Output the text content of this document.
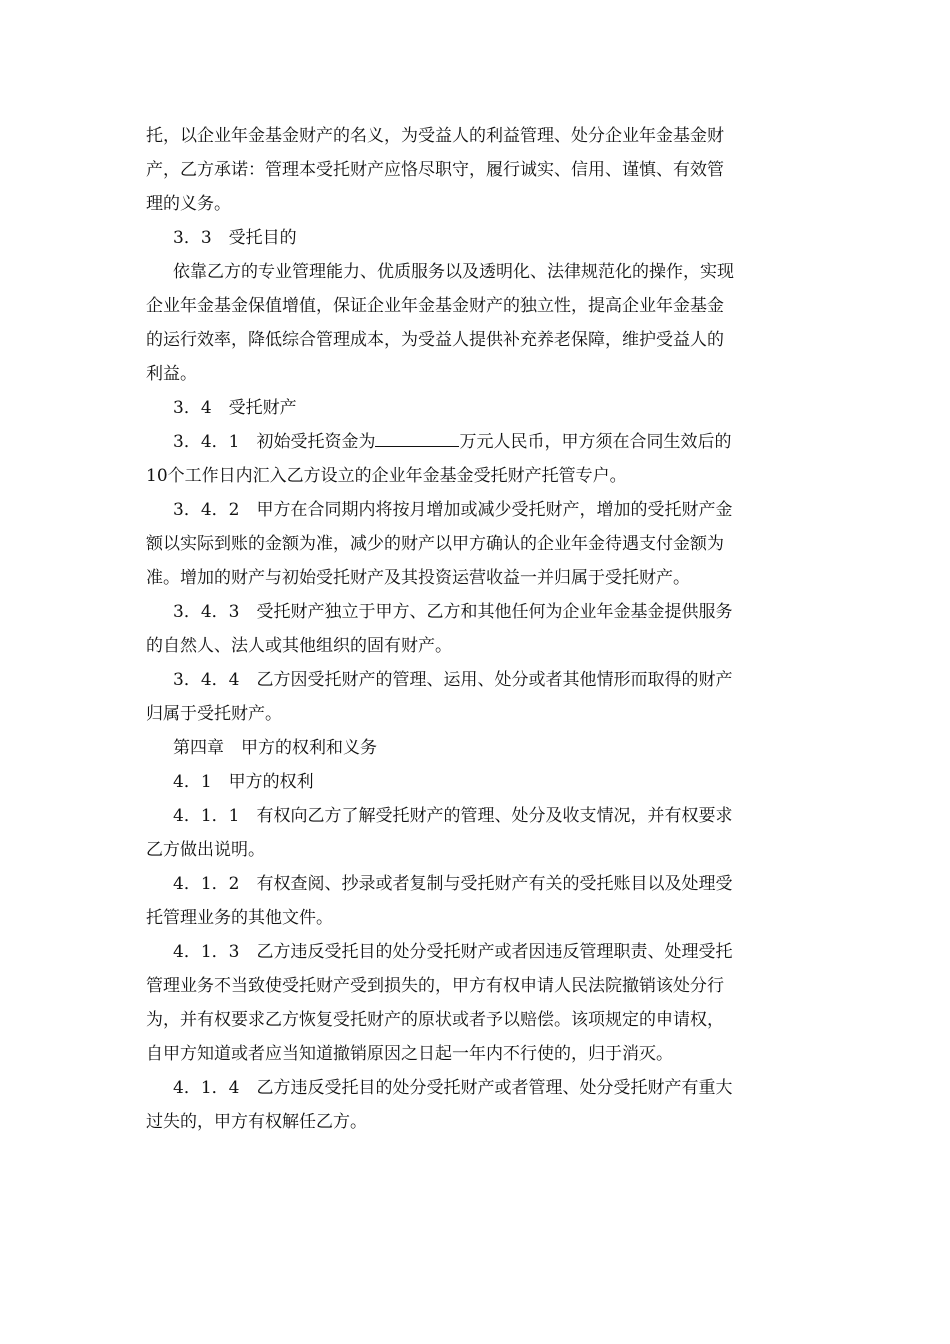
托，以企业年金基金财产的名义，为受益人的利益管理、处分企业年金基金财
产，乙方承诺：管理本受托财产应恪尽职守，履行诚实、信用、谨慎、有效管
理的义务。
3．3　受托目的
依靠乙方的专业管理能力、优质服务以及透明化、法律规范化的操作，实现
企业年金基金保值增值，保证企业年金基金财产的独立性，提高企业年金基金
的运行效率，降低综合管理成本，为受益人提供补充养老保障，维护受益人的
利益。
3．4　受托财产
3．4．1　初始受托资金为	万元人民币，甲方须在合同生效后的
10个工作日内汇入乙方设立的企业年金基金受托财产托管专户。
3．4．2　甲方在合同期内将按月增加或减少受托财产，增加的受托财产金
额以实际到账的金额为准，减少的财产以甲方确认的企业年金待遇支付金额为
准。增加的财产与初始受托财产及其投资运营收益一并归属于受托财产。
3．4．3　受托财产独立于甲方、乙方和其他任何为企业年金基金提供服务
的自然人、法人或其他组织的固有财产。
3．4．4　乙方因受托财产的管理、运用、处分或者其他情形而取得的财产
归属于受托财产。
第四章　甲方的权利和义务
4．1　甲方的权利
4．1．1　有权向乙方了解受托财产的管理、处分及收支情况，并有权要求
乙方做出说明。
4．1．2　有权查阅、抄录或者复制与受托财产有关的受托账目以及处理受
托管理业务的其他文件。
4．1．3　乙方违反受托目的处分受托财产或者因违反管理职责、处理受托
管理业务不当致使受托财产受到损失的，甲方有权申请人民法院撤销该处分行
为，并有权要求乙方恢复受托财产的原状或者予以赔偿。该项规定的申请权，
自甲方知道或者应当知道撤销原因之日起一年内不行使的，归于消灭。
4．1．4　乙方违反受托目的处分受托财产或者管理、处分受托财产有重大
过失的，甲方有权解任乙方。
